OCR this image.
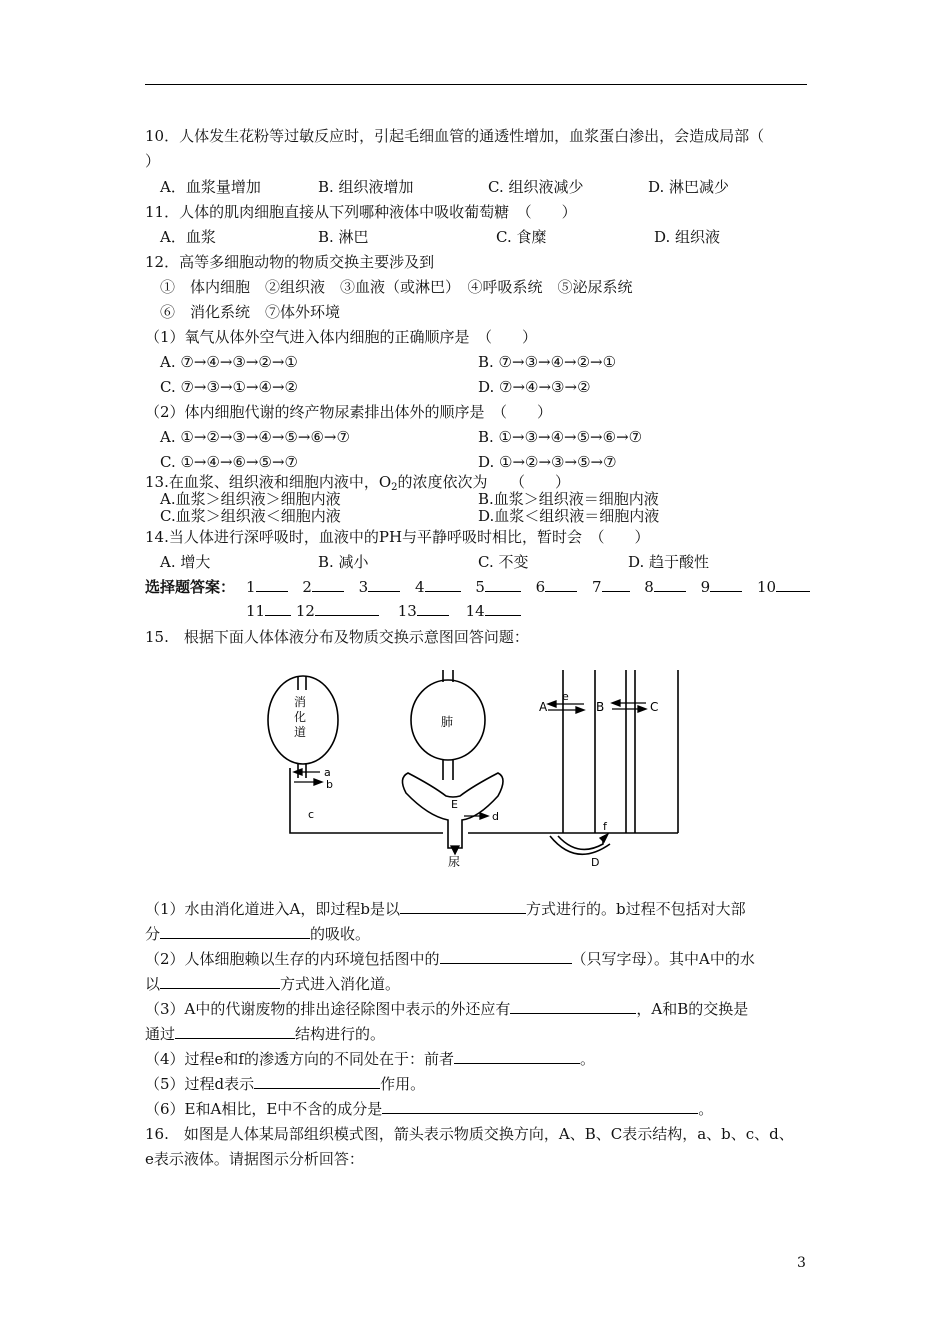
10．人体发生花粉等过敏反应时，引起毛细血管的通透性增加，血浆蛋白渗出，会造成局部（
）
A．血浆量增加	B. 组织液增加	C. 组织液减少	D. 淋巴减少
11．人体的肌肉细胞直接从下列哪种液体中吸收葡萄糖　（　　）
A．血浆	B. 淋巴	C. 食糜	D. 组织液
12．高等多细胞动物的物质交换主要涉及到
①　体内细胞　②组织液　③血液（或淋巴）　④呼吸系统　⑤泌尿系统
⑥　消化系统　⑦体外环境
（1）氧气从体外空气进入体内细胞的正确顺序是　（　　）
A. ⑦→④→③→②→①	B. ⑦→③→④→②→①
C. ⑦→③→①→④→②	D. ⑦→④→③→②
（2）体内细胞代谢的终产物尿素排出体外的顺序是　（　　）
A. ①→②→③→④→⑤→⑥→⑦	B. ①→③→④→⑤→⑥→⑦
C. ①→④→⑥→⑤→⑦	D. ①→②→③→⑤→⑦
13.在血浆、组织液和细胞内液中，O2的浓度依次为　　（　　）
A.血浆＞组织液＞细胞内液	B.血浆＞组织液＝细胞内液
C.血浆＞组织液＜细胞内液	D.血浆＜组织液＝细胞内液
14.当人体进行深呼吸时，血液中的PH与平静呼吸时相比，暂时会　（　　）
A. 增大	B. 减小	C. 不变	D. 趋于酸性
选择题答案： 1	2	3	4	5	6	7	8	9	10
11 12	13	14
15.　根据下面人体体液分布及物质交换示意图回答问题：
消
化
道
肺
a
b
c
E
d
尿
e
A	B	C
f
D
（1）水由消化道进入A，即过程b是以	方式进行的。b过程不包括对大部
分	的吸收。
（2）人体细胞赖以生存的内环境包括图中的	（只写字母）。其中A中的水
以	方式进入消化道。
（3）A中的代谢废物的排出途径除图中表示的外还应有	，A和B的交换是
通过	结构进行的。
（4）过程e和f的渗透方向的不同处在于：前者	。
（5）过程d表示	作用。
（6）E和A相比，E中不含的成分是	。
16.　如图是人体某局部组织模式图，箭头表示物质交换方向，A、B、C表示结构，a、b、c、d、
e表示液体。请据图示分析回答：
3
